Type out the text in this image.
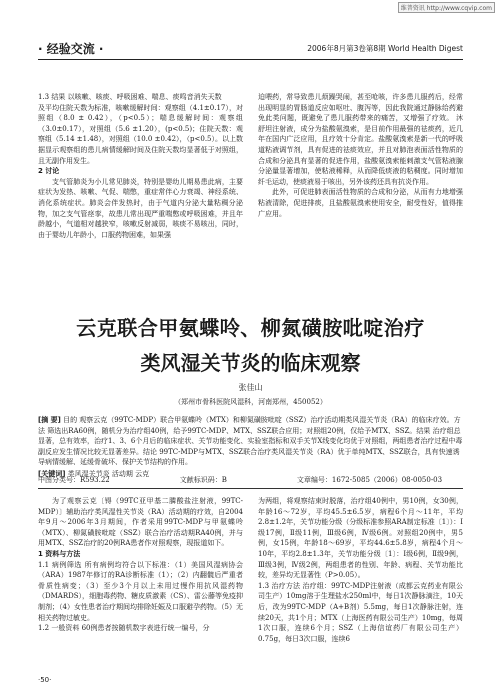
维普资讯 http://www.cqvip.com
· 经验交流 ·	2006年8月第3卷第8期 World Health Digest

1.3 结果 以咳嗽、咳痰、呼吸困难、喘息、痰鸣音消失天数

及平均住院天数为标准，咳嗽缓解时间：观察组（4.1±0.17），对照组（8.0 ± 0.42），（p<0.5）；喘息缓解时间：观察组（3.0±0.17），对照组（5.6 ±1.20），(p<0.5)；住院天数：观察组（5.14 ±1.48），对照组（10.0 ±0.42），（p<0.5）。以上数据显示观察组的患儿病情缓解时间及住院天数均显著低于对照组，且无副作用发生。

2 讨论

支气管肺炎为小儿常见肺炎，特别是婴幼儿期易患此病，主要症状为发热、咳嗽、气促、喘憋，重症常伴心力衰竭、神经系统、消化系统症状。肺炎会伴发热时，由于气道内分泌大量粘稠分泌物，加之支气管痉挛，故患儿常出现严重喘憋或呼吸困难，并且年龄越小，气道相对越狭窄，咳嗽反射减弱，咳痰不易咳出，同时，由于婴幼儿年龄小，口服药物困难，如果强

迫喂药，常导致患儿烦躁哭闹，甚至呛咳，许多患儿服药后，经常出现明显的胃肠道反应如呕吐、腹泻等，因此我院通过静脉给药避免此类问题，既避免了患儿服药带来的痛苦，又增强了疗效。 沐舒坦注射液，成分为盐酸氨溴索，是目前作用最强的祛痰药，近几年在国内广泛应用，且疗效十分肯定。盐酸氨溴索是新一代的呼吸道粘液调节剂，具有促进的祛痰效应，并且对肺泡表面活性物质的合成和分泌具有显著的促进作用，盐酸氨溴索能刺激支气管粘液腺分泌量显著增加，使粘液稀释，从而降低痰液的粘稠度。同时增加纤毛运动，使痰液易于咳出，另外该药还具有抗炎作用。

此外，可促进肺表面活性物质的合成和分泌，从而有力地增强粘液清除，促进排痰，且盐酸氨溴索使用安全，耐受性好，值得推广应用。

云克联合甲氨蝶呤、柳氮磺胺吡啶治疗
类风湿关节炎的临床观察
张佳山
（郑州市骨科医院风湿科，河南郑州，450052）
[摘 要] 目的 观察云克（99TC-MDP）联合甲氨蝶呤（MTX）和柳氮磺胺吡啶（SSZ）治疗活动期类风湿关节炎（RA）的临床疗效。方法 筛选出RA60例，随机分为治疗组40例，给予99TC-MDP、MTX、SSZ联合应用；对照组20例，仅给予MTX、SSZ。结果 治疗组总显著，总有效率，治疗1、3、6个月后的临床症状、关节功能变化、实验室指标和双手关节X线变化均优于对照组，两组患者治疗过程中毒副反应发生情况比较无显著差异。结论 99TC-MDP与MTX、SSZ联合治疗类风湿关节炎（RA）优于单纯MTX、SSZ联合，具有快速诱导病情缓解、延缓骨破坏、保护关节结构的作用。
[关键词] 类风湿关节炎 活动期 云克
中图分类号：R593.22	文献标识码：B	文章编号：1672-5085（2006）08-0050-03

为了观察云克〔锝（99TC亚甲基二膦酸盐注射液，99TC-MDP）〕辅助治疗类风湿性关节炎（RA）活动期的疗效，自2004年9月～2006年3月期间，作者采用99TC-MDP与甲氨蝶呤（MTX）、柳氮磺胺吡啶（SSZ）联合治疗活动期RA40例，并与用MTX、SSZ治疗的20例RA患者作对照观察，现报道如下。

1 资料与方法

1.1 病例筛选 所有病例均符合以下标准：（1）美国风湿病协会（ARA）1987年修订的RA诊断标准（1）；（2）内翻髋后严重者骨质性病变；（3）至少3个月以上未用过慢作用抗风湿药物（DMARDS），细胞毒药物、糖皮质激素（CS）、雷公藤等免疫抑制剂；（4）女性患者治疗期间均排除妊娠及口服避孕药物。（5）无相关药物过敏史。

1.2 一般资料 60例患者按随机数字表进行统一编号，分

为两组，将观察结束时脱落，治疗组40例中，男10例，女30例，年龄16～72岁，平均45.5±6.5岁，病程6个月～11年，平均2.8±1.2年，关节功能分级（分级标准参照ARA制定标准〔1〕）：Ⅰ级17例，Ⅱ级11例，Ⅲ级6例，Ⅳ级6例。对照组20例中，男5例，女15例，年龄18～69岁，平均44.6±5.8岁，病程4个月～10年，平均2.8±1.3年，关节功能分级〔1〕：Ⅰ级6例，Ⅱ级9例，Ⅲ级3例，Ⅳ级2例，两组患者的性别、年龄、病程、关节功能比较，差异均无显著性（P>0.05）。

1.3 治疗方法 治疗组：99TC-MDP注射液（成都云克药业有限公司生产）10mg溶于生理盐水250ml中，每日1次静脉滴注，10天后，改为99TC-MDP（A+B剂）5.5mg，每日1次静脉注射，连续20天，共1个月；MTX（上海医药有限公司生产）10mg，每周1次口服，连续6个月；SSZ（上海信谊药厂有限公司生产）0.75g，每日3次口服，连续6

·50·
